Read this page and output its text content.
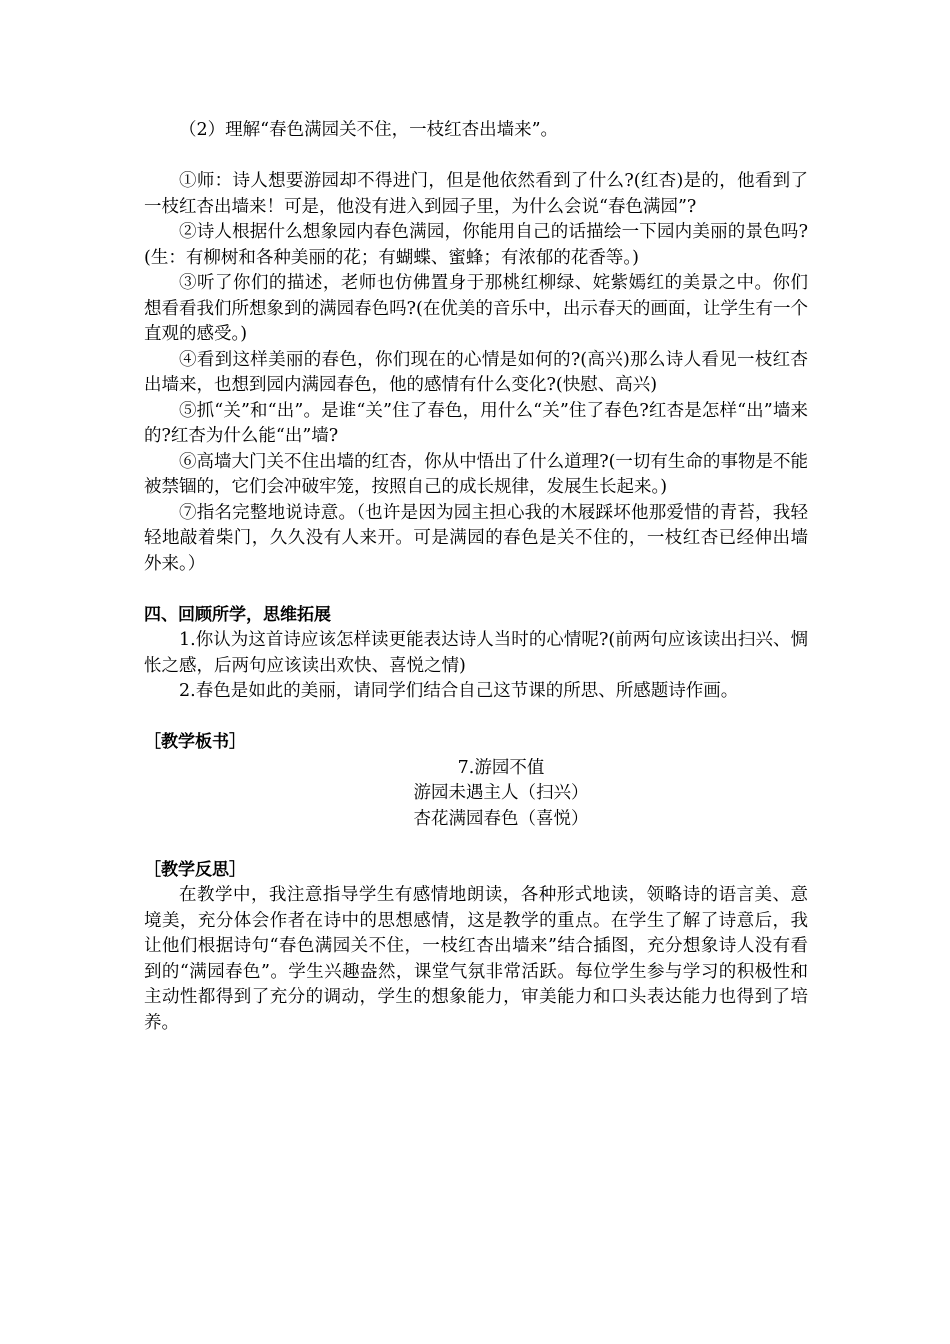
（2）理解“春色满园关不住，一枝红杏出墙来”。

①师：诗人想要游园却不得进门，但是他依然看到了什么?(红杏)是的，他看到了一枝红杏出墙来！可是，他没有进入到园子里，为什么会说“春色满园”?

②诗人根据什么想象园内春色满园，你能用自己的话描绘一下园内美丽的景色吗?(生：有柳树和各种美丽的花；有蝴蝶、蜜蜂；有浓郁的花香等。)

③听了你们的描述，老师也仿佛置身于那桃红柳绿、姹紫嫣红的美景之中。你们想看看我们所想象到的满园春色吗?(在优美的音乐中，出示春天的画面，让学生有一个直观的感受。)

④看到这样美丽的春色，你们现在的心情是如何的?(高兴)那么诗人看见一枝红杏出墙来，也想到园内满园春色，他的感情有什么变化?(快慰、高兴)

⑤抓“关”和“出”。是谁“关”住了春色，用什么“关”住了春色?红杏是怎样“出”墙来的?红杏为什么能“出”墙?

⑥高墙大门关不住出墙的红杏，你从中悟出了什么道理?(一切有生命的事物是不能被禁锢的，它们会冲破牢笼，按照自己的成长规律，发展生长起来。)

⑦指名完整地说诗意。（也许是因为园主担心我的木屐踩坏他那爱惜的青苔，我轻轻地敲着柴门，久久没有人来开。可是满园的春色是关不住的，一枝红杏已经伸出墙外来。）

四、回顾所学，思维拓展

1.你认为这首诗应该怎样读更能表达诗人当时的心情呢?(前两句应该读出扫兴、惆怅之感，后两句应该读出欢快、喜悦之情)

2.春色是如此的美丽，请同学们结合自己这节课的所思、所感题诗作画。

［教学板书］

7.游园不值

游园未遇主人（扫兴）

杏花满园春色（喜悦）

［教学反思］

在教学中，我注意指导学生有感情地朗读，各种形式地读，领略诗的语言美、意境美，充分体会作者在诗中的思想感情，这是教学的重点。在学生了解了诗意后，我让他们根据诗句“春色满园关不住，一枝红杏出墙来”结合插图，充分想象诗人没有看到的“满园春色”。学生兴趣盎然，课堂气氛非常活跃。每位学生参与学习的积极性和主动性都得到了充分的调动，学生的想象能力，审美能力和口头表达能力也得到了培养。
